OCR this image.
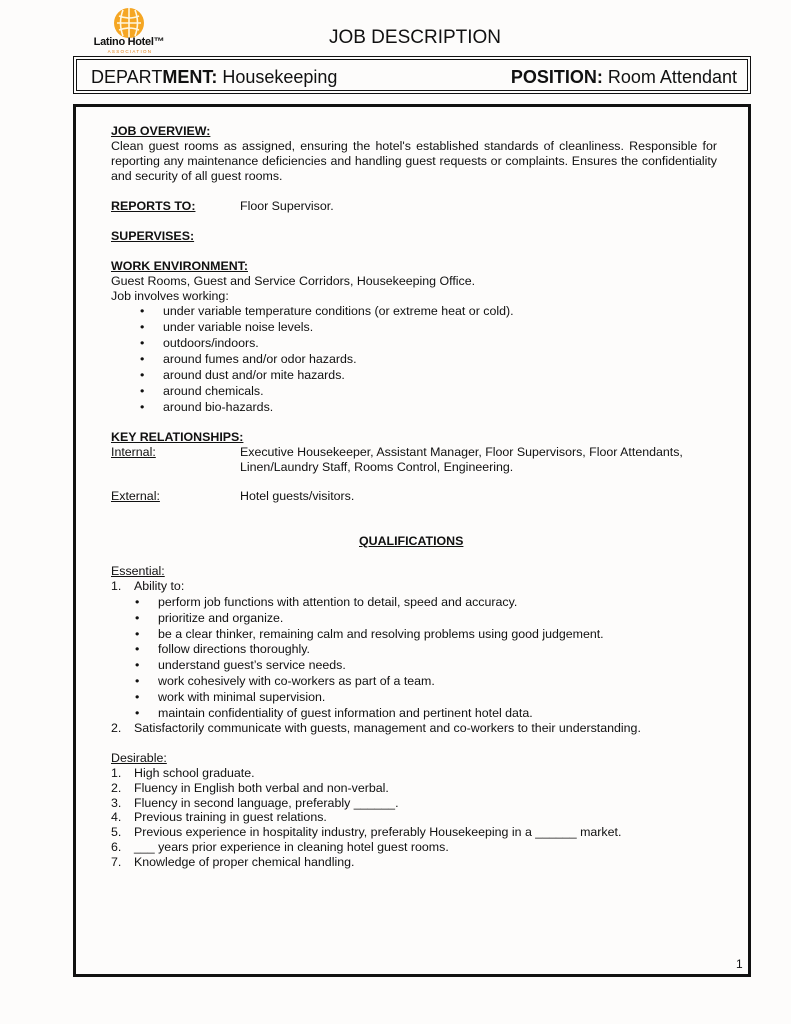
Latino Hotel™
ASSOCIATION
JOB DESCRIPTION
DEPARTMENT: Housekeeping	POSITION: Room Attendant
JOB OVERVIEW:
Clean guest rooms as assigned, ensuring the hotel's established standards of cleanliness. Responsible for reporting any maintenance deficiencies and handling guest requests or complaints. Ensures the confidentiality and security of all guest rooms.
REPORTS TO:	Floor Supervisor.
SUPERVISES:
WORK ENVIRONMENT:
Guest Rooms, Guest and Service Corridors, Housekeeping Office.
Job involves working:
• under variable temperature conditions (or extreme heat or cold).
• under variable noise levels.
• outdoors/indoors.
• around fumes and/or odor hazards.
• around dust and/or mite hazards.
• around chemicals.
• around bio-hazards.
KEY RELATIONSHIPS:
Internal:	Executive Housekeeper, Assistant Manager, Floor Supervisors, Floor Attendants,
Linen/Laundry Staff, Rooms Control, Engineering.
External:	Hotel guests/visitors.
QUALIFICATIONS
Essential:
1. Ability to:
• perform job functions with attention to detail, speed and accuracy.
• prioritize and organize.
• be a clear thinker, remaining calm and resolving problems using good judgement.
• follow directions thoroughly.
• understand guest’s service needs.
• work cohesively with co-workers as part of a team.
• work with minimal supervision.
• maintain confidentiality of guest information and pertinent hotel data.
2. Satisfactorily communicate with guests, management and co-workers to their understanding.
Desirable:
1. High school graduate.
2. Fluency in English both verbal and non-verbal.
3. Fluency in second language, preferably ______.
4. Previous training in guest relations.
5. Previous experience in hospitality industry, preferably Housekeeping in a ______ market.
6. ___ years prior experience in cleaning hotel guest rooms.
7. Knowledge of proper chemical handling.
1
